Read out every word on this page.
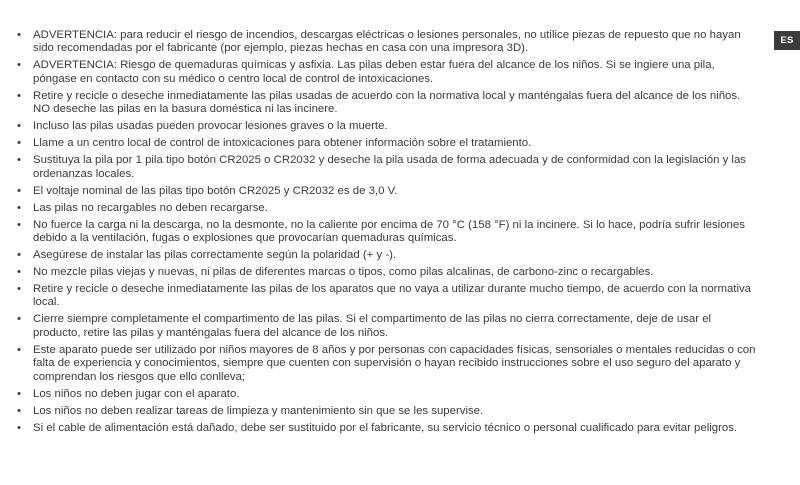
ES
• ADVERTENCIA: para reducir el riesgo de incendios, descargas eléctricas o lesiones personales, no utilice piezas de repuesto que no hayan sido recomendadas por el fabricante (por ejemplo, piezas hechas en casa con una impresora 3D).
• ADVERTENCIA: Riesgo de quemaduras químicas y asfixia. Las pilas deben estar fuera del alcance de los niños. Si se ingiere una pila, póngase en contacto con su médico o centro local de control de intoxicaciones.
• Retire y recicle o deseche inmediatamente las pilas usadas de acuerdo con la normativa local y manténgalas fuera del alcance de los niños. NO deseche las pilas en la basura doméstica ni las incinere.
• Incluso las pilas usadas pueden provocar lesiones graves o la muerte.
• Llame a un centro local de control de intoxicaciones para obtener información sobre el tratamiento.
• Sustituya la pila por 1 pila tipo botón CR2025 o CR2032 y deseche la pila usada de forma adecuada y de conformidad con la legislación y las ordenanzas locales.
• El voltaje nominal de las pilas tipo botón CR2025 y CR2032 es de 3,0 V.
• Las pilas no recargables no deben recargarse.
• No fuerce la carga ni la descarga, no la desmonte, no la caliente por encima de 70 °C (158 °F) ni la incinere. Si lo hace, podría sufrir lesiones debido a la ventilación, fugas o explosiones que provocarían quemaduras químicas.
• Asegúrese de instalar las pilas correctamente según la polaridad (+ y -).
• No mezcle pilas viejas y nuevas, ni pilas de diferentes marcas o tipos, como pilas alcalinas, de carbono-zinc o recargables.
• Retire y recicle o deseche inmediatamente las pilas de los aparatos que no vaya a utilizar durante mucho tiempo, de acuerdo con la normativa local.
• Cierre siempre completamente el compartimento de las pilas. Si el compartimento de las pilas no cierra correctamente, deje de usar el producto, retire las pilas y manténgalas fuera del alcance de los niños.
• Este aparato puede ser utilizado por niños mayores de 8 años y por personas con capacidades físicas, sensoriales o mentales reducidas o con falta de experiencia y conocimientos, siempre que cuenten con supervisión o hayan recibido instrucciones sobre el uso seguro del aparato y comprendan los riesgos que ello conlleva;
• Los niños no deben jugar con el aparato.
• Los niños no deben realizar tareas de limpieza y mantenimiento sin que se les supervise.
• Si el cable de alimentación está dañado, debe ser sustituido por el fabricante, su servicio técnico o personal cualificado para evitar peligros.
